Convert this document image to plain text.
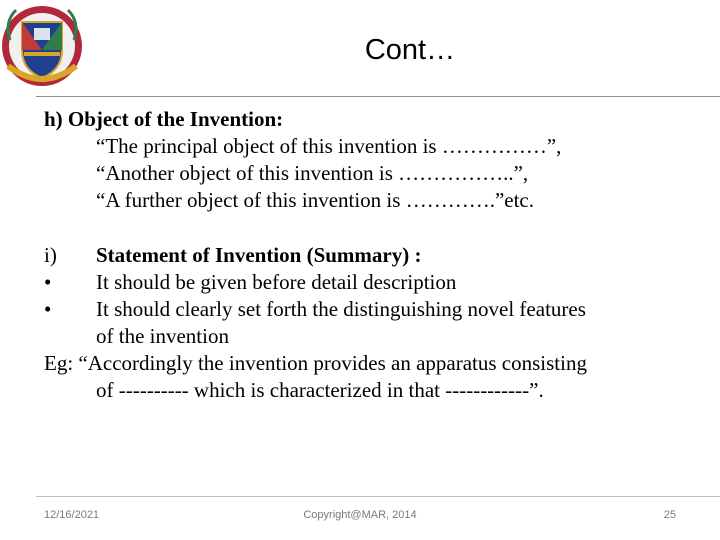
Cont…
h) Object of the Invention:
“The principal object of this invention is ……………”,
“Another object of this invention is ……………..”,
“A further object of this invention is ………….”etc.
i)	Statement of Invention (Summary) :
•	It should be given before detail description
•	It should clearly set forth the distinguishing novel features
of the invention
Eg: “Accordingly the invention provides an apparatus consisting
of ---------- which is characterized in that ------------”.
12/16/2021	Copyright@MAR, 2014	25
